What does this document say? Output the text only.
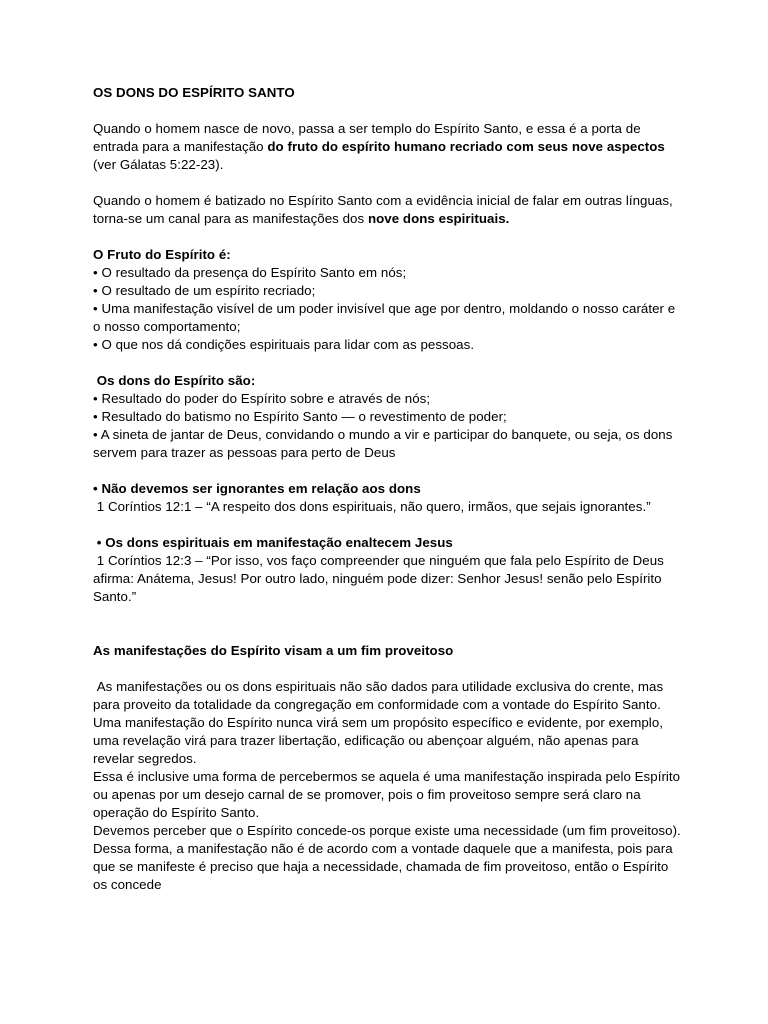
OS DONS DO ESPÍRITO SANTO

Quando o homem nasce de novo, passa a ser templo do Espírito Santo, e essa é a porta de entrada para a manifestação do fruto do espírito humano recriado com seus nove aspectos (ver Gálatas 5:22-23).

Quando o homem é batizado no Espírito Santo com a evidência inicial de falar em outras línguas, torna-se um canal para as manifestações dos nove dons espirituais.

O Fruto do Espírito é:

• O resultado da presença do Espírito Santo em nós;
• O resultado de um espírito recriado;
• Uma manifestação visível de um poder invisível que age por dentro, moldando o nosso caráter e o nosso comportamento;
• O que nos dá condições espirituais para lidar com as pessoas.

Os dons do Espírito são:

• Resultado do poder do Espírito sobre e através de nós;
• Resultado do batismo no Espírito Santo — o revestimento de poder;
• A sineta de jantar de Deus, convidando o mundo a vir e participar do banquete, ou seja, os dons servem para trazer as pessoas para perto de Deus

• Não devemos ser ignorantes em relação aos dons

1 Coríntios 12:1 – “A respeito dos dons espirituais, não quero, irmãos, que sejais ignorantes.”

• Os dons espirituais em manifestação enaltecem Jesus

1 Coríntios 12:3 – “Por isso, vos faço compreender que ninguém que fala pelo Espírito de Deus afirma: Anátema, Jesus! Por outro lado, ninguém pode dizer: Senhor Jesus! senão pelo Espírito Santo.”

As manifestações do Espírito visam a um fim proveitoso

As manifestações ou os dons espirituais não são dados para utilidade exclusiva do crente, mas para proveito da totalidade da congregação em conformidade com a vontade do Espírito Santo.

Uma manifestação do Espírito nunca virá sem um propósito específico e evidente, por exemplo, uma revelação virá para trazer libertação, edificação ou abençoar alguém, não apenas para revelar segredos.

Essa é inclusive uma forma de percebermos se aquela é uma manifestação inspirada pelo Espírito ou apenas por um desejo carnal de se promover, pois o fim proveitoso sempre será claro na operação do Espírito Santo.

Devemos perceber que o Espírito concede-os porque existe uma necessidade (um fim proveitoso).

Dessa forma, a manifestação não é de acordo com a vontade daquele que a manifesta, pois para que se manifeste é preciso que haja a necessidade, chamada de fim proveitoso, então o Espírito os concede
